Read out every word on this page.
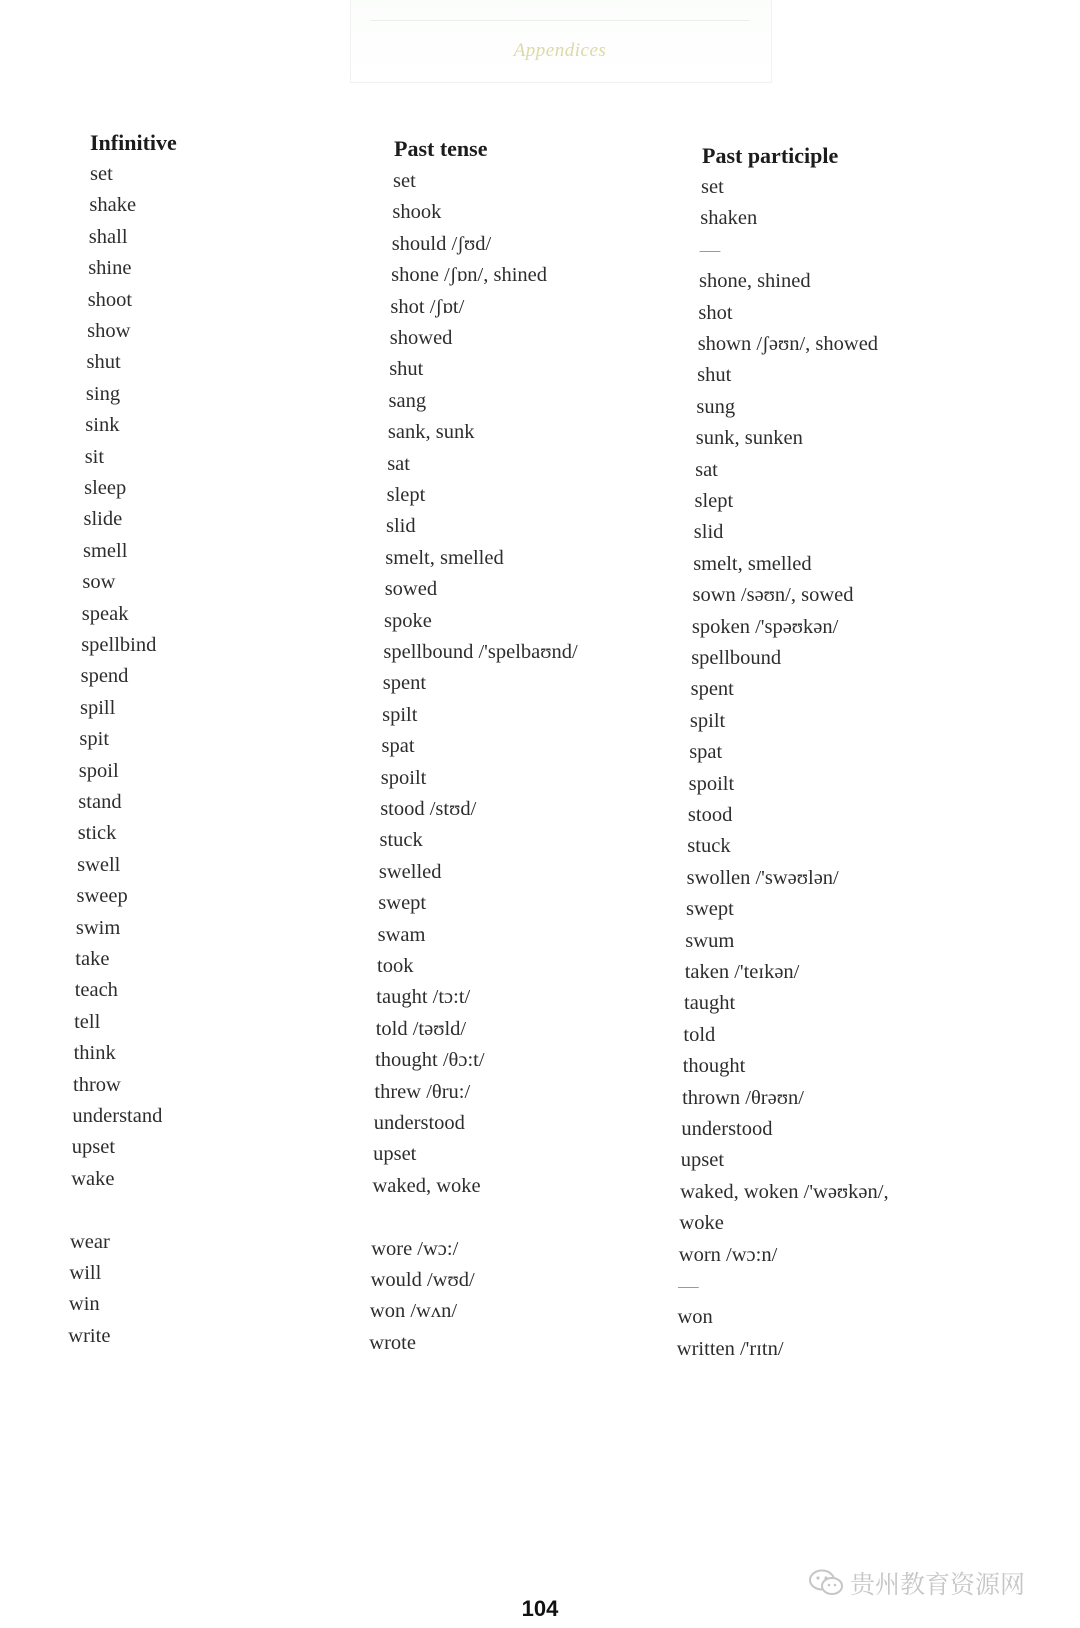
Appendices
Infinitive
set
shake
shall
shine
shoot
show
shut
sing
sink
sit
sleep
slide
smell
sow
speak
spellbind
spend
spill
spit
spoil
stand
stick
swell
sweep
swim
take
teach
tell
think
throw
understand
upset
wake
wear
will
win
write
Past tense
set
shook
should /ʃʊd/
shone /ʃɒn/, shined
shot /ʃɒt/
showed
shut
sang
sank, sunk
sat
slept
slid
smelt, smelled
sowed
spoke
spellbound /'spelbaʊnd/
spent
spilt
spat
spoilt
stood /stʊd/
stuck
swelled
swept
swam
took
taught /tɔ:t/
told /təʊld/
thought /θɔ:t/
threw /θru:/
understood
upset
waked, woke
wore /wɔ:/
would /wʊd/
won /wʌn/
wrote
Past participle
set
shaken
—
shone, shined
shot
shown /ʃəʊn/, showed
shut
sung
sunk, sunken
sat
slept
slid
smelt, smelled
sown /səʊn/, sowed
spoken /'spəʊkən/
spellbound
spent
spilt
spat
spoilt
stood
stuck
swollen /'swəʊlən/
swept
swum
taken /'teɪkən/
taught
told
thought
thrown /θrəʊn/
understood
upset
waked, woken /'wəʊkən/,
woke
worn /wɔ:n/
—
won
written /'rɪtn/
104
贵州教育资源网
